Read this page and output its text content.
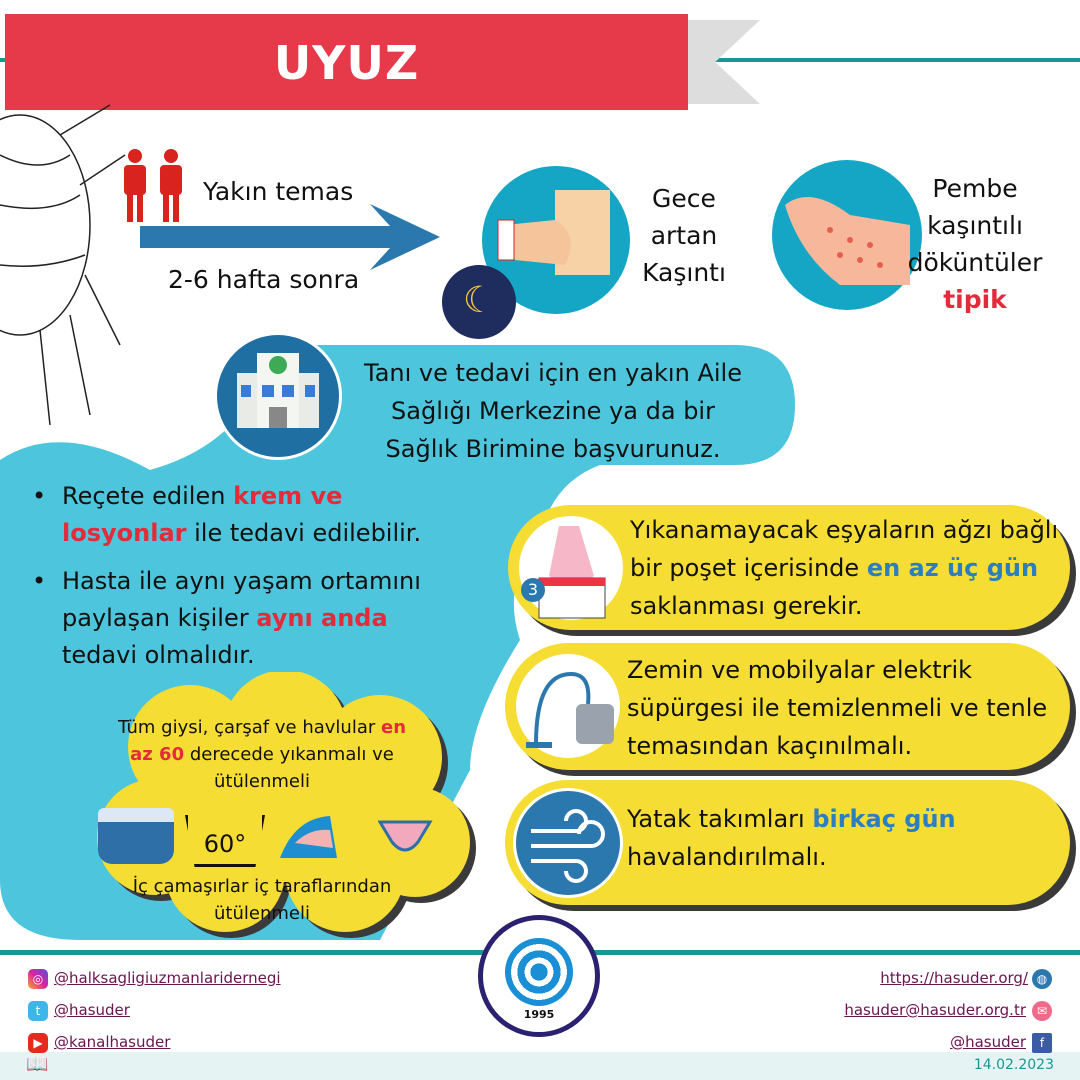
UYUZ
Yakın temas
2-6 hafta sonra
☾
Gece
artan
Kaşıntı
Pembe
kaşıntılı
döküntüler
tipik
Tanı ve tedavi için en yakın Aile
Sağlığı Merkezine ya da bir
Sağlık Birimine başvurunuz.
• Reçete edilen krem ve losyonlar ile tedavi edilebilir.
• Hasta ile aynı yaşam ortamını paylaşan kişiler aynı anda tedavi olmalıdır.
Tüm giysi, çarşaf ve havlular en az 60 derecede yıkanmalı ve ütülenmeli
60°
İç çamaşırlar iç taraflarından ütülenmeli
3
Yıkanamayacak eşyaların ağzı bağlı bir poşet içerisinde en az üç gün saklanması gerekir.
Zemin ve mobilyalar elektrik süpürgesi ile temizlenmeli ve tenle temasından kaçınılmalı.
Yatak takımları birkaç gün havalandırılmalı.
1995
◎ @halksagligiuzmanlaridernegi
t @hasuder
▶ @kanalhasuder
https://hasuder.org/ ◍
hasuder@hasuder.org.tr ✉
@hasuder f
📖	14.02.2023
